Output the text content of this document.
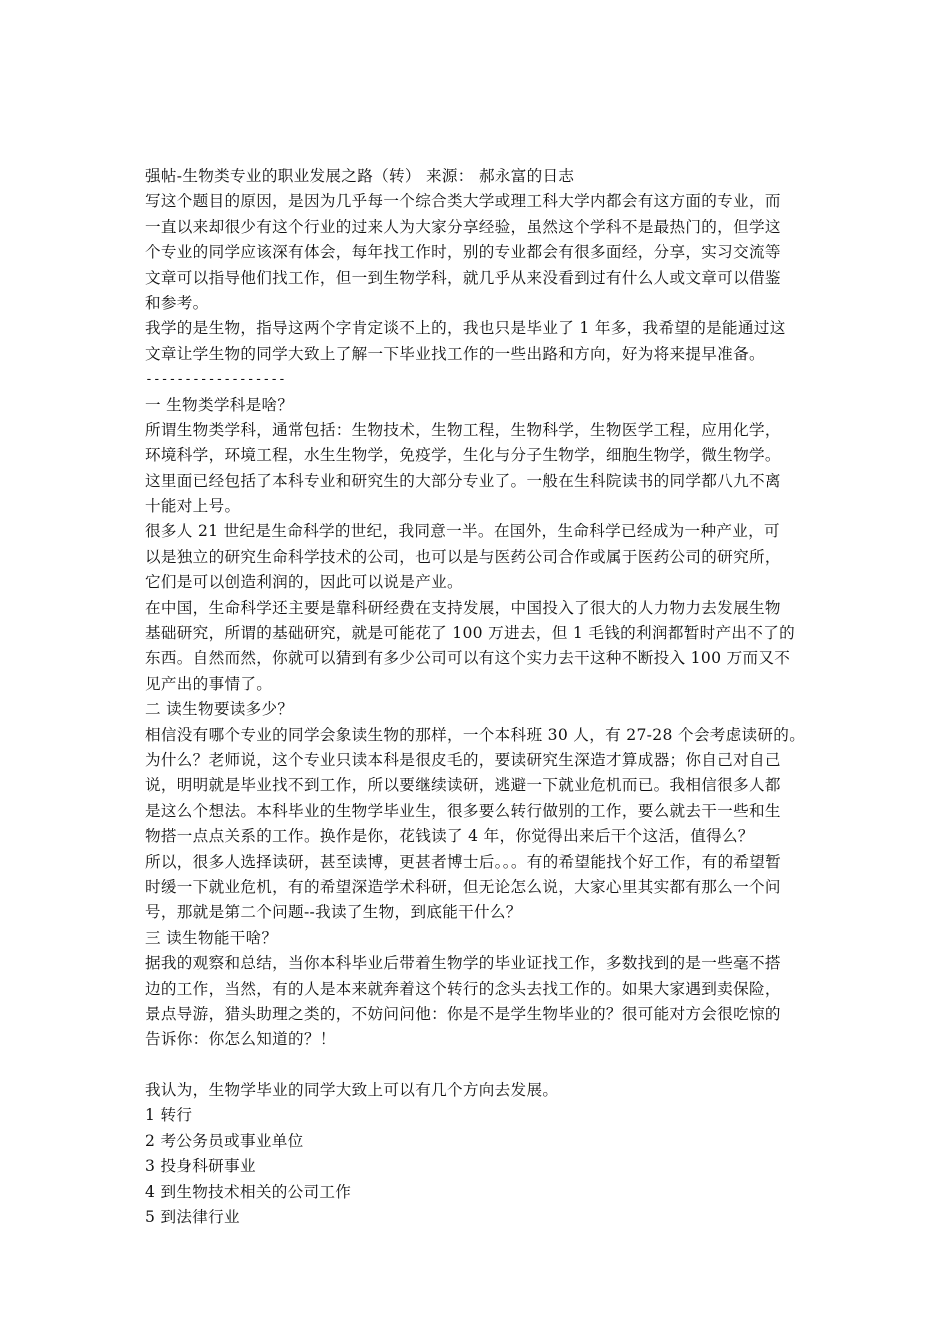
强帖-生物类专业的职业发展之路（转） 来源： 郝永富的日志
写这个题目的原因，是因为几乎每一个综合类大学或理工科大学内都会有这方面的专业，而
一直以来却很少有这个行业的过来人为大家分享经验，虽然这个学科不是最热门的，但学这
个专业的同学应该深有体会，每年找工作时，别的专业都会有很多面经，分享，实习交流等
文章可以指导他们找工作，但一到生物学科，就几乎从来没看到过有什么人或文章可以借鉴
和参考。
我学的是生物，指导这两个字肯定谈不上的，我也只是毕业了 1 年多，我希望的是能通过这
文章让学生物的同学大致上了解一下毕业找工作的一些出路和方向，好为将来提早准备。
------------------
一 生物类学科是啥？
所谓生物类学科，通常包括：生物技术，生物工程，生物科学，生物医学工程，应用化学，
环境科学，环境工程，水生生物学，免疫学，生化与分子生物学，细胞生物学，微生物学。
这里面已经包括了本科专业和研究生的大部分专业了。一般在生科院读书的同学都八九不离
十能对上号。
很多人 21 世纪是生命科学的世纪，我同意一半。在国外，生命科学已经成为一种产业，可
以是独立的研究生命科学技术的公司，也可以是与医药公司合作或属于医药公司的研究所，
它们是可以创造利润的，因此可以说是产业。
在中国，生命科学还主要是靠科研经费在支持发展，中国投入了很大的人力物力去发展生物
基础研究，所谓的基础研究，就是可能花了 100 万进去，但 1 毛钱的利润都暂时产出不了的
东西。自然而然，你就可以猜到有多少公司可以有这个实力去干这种不断投入 100 万而又不
见产出的事情了。
二 读生物要读多少？
相信没有哪个专业的同学会象读生物的那样，一个本科班 30 人，有 27-28 个会考虑读研的。
为什么？老师说，这个专业只读本科是很皮毛的，要读研究生深造才算成器；你自己对自己
说，明明就是毕业找不到工作，所以要继续读研，逃避一下就业危机而已。我相信很多人都
是这么个想法。本科毕业的生物学毕业生，很多要么转行做别的工作，要么就去干一些和生
物搭一点点关系的工作。换作是你，花钱读了 4 年，你觉得出来后干个这活，值得么？
所以，很多人选择读研，甚至读博，更甚者博士后。。。有的希望能找个好工作，有的希望暂
时缓一下就业危机，有的希望深造学术科研，但无论怎么说，大家心里其实都有那么一个问
号，那就是第二个问题--我读了生物，到底能干什么？
三 读生物能干啥？
据我的观察和总结，当你本科毕业后带着生物学的毕业证找工作，多数找到的是一些毫不搭
边的工作，当然，有的人是本来就奔着这个转行的念头去找工作的。如果大家遇到卖保险，
景点导游，猎头助理之类的，不妨问问他：你是不是学生物毕业的？很可能对方会很吃惊的
告诉你：你怎么知道的？！
我认为，生物学毕业的同学大致上可以有几个方向去发展。
1 转行
2 考公务员或事业单位
3 投身科研事业
4 到生物技术相关的公司工作
5 到法律行业
